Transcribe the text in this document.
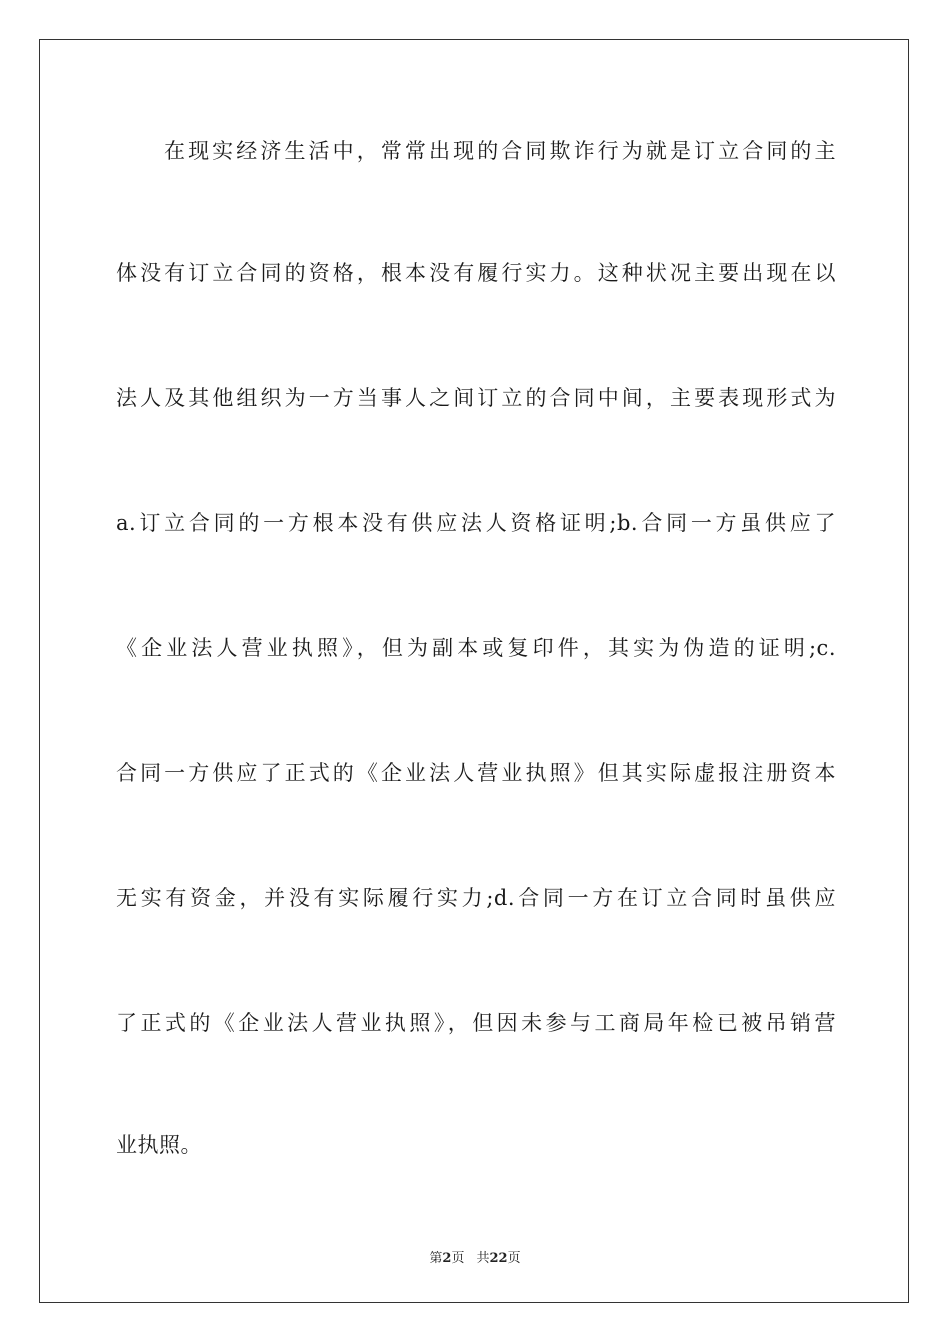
在现实经济生活中，常常出现的合同欺诈行为就是订立合同的主
体没有订立合同的资格，根本没有履行实力。这种状况主要出现在以
法人及其他组织为一方当事人之间订立的合同中间，主要表现形式为
a.订立合同的一方根本没有供应法人资格证明;b.合同一方虽供应了
《企业法人营业执照》，但为副本或复印件，其实为伪造的证明;c.
合同一方供应了正式的《企业法人营业执照》但其实际虚报注册资本
无实有资金，并没有实际履行实力;d.合同一方在订立合同时虽供应
了正式的《企业法人营业执照》，但因未参与工商局年检已被吊销营
业执照。
第2页 共22页
